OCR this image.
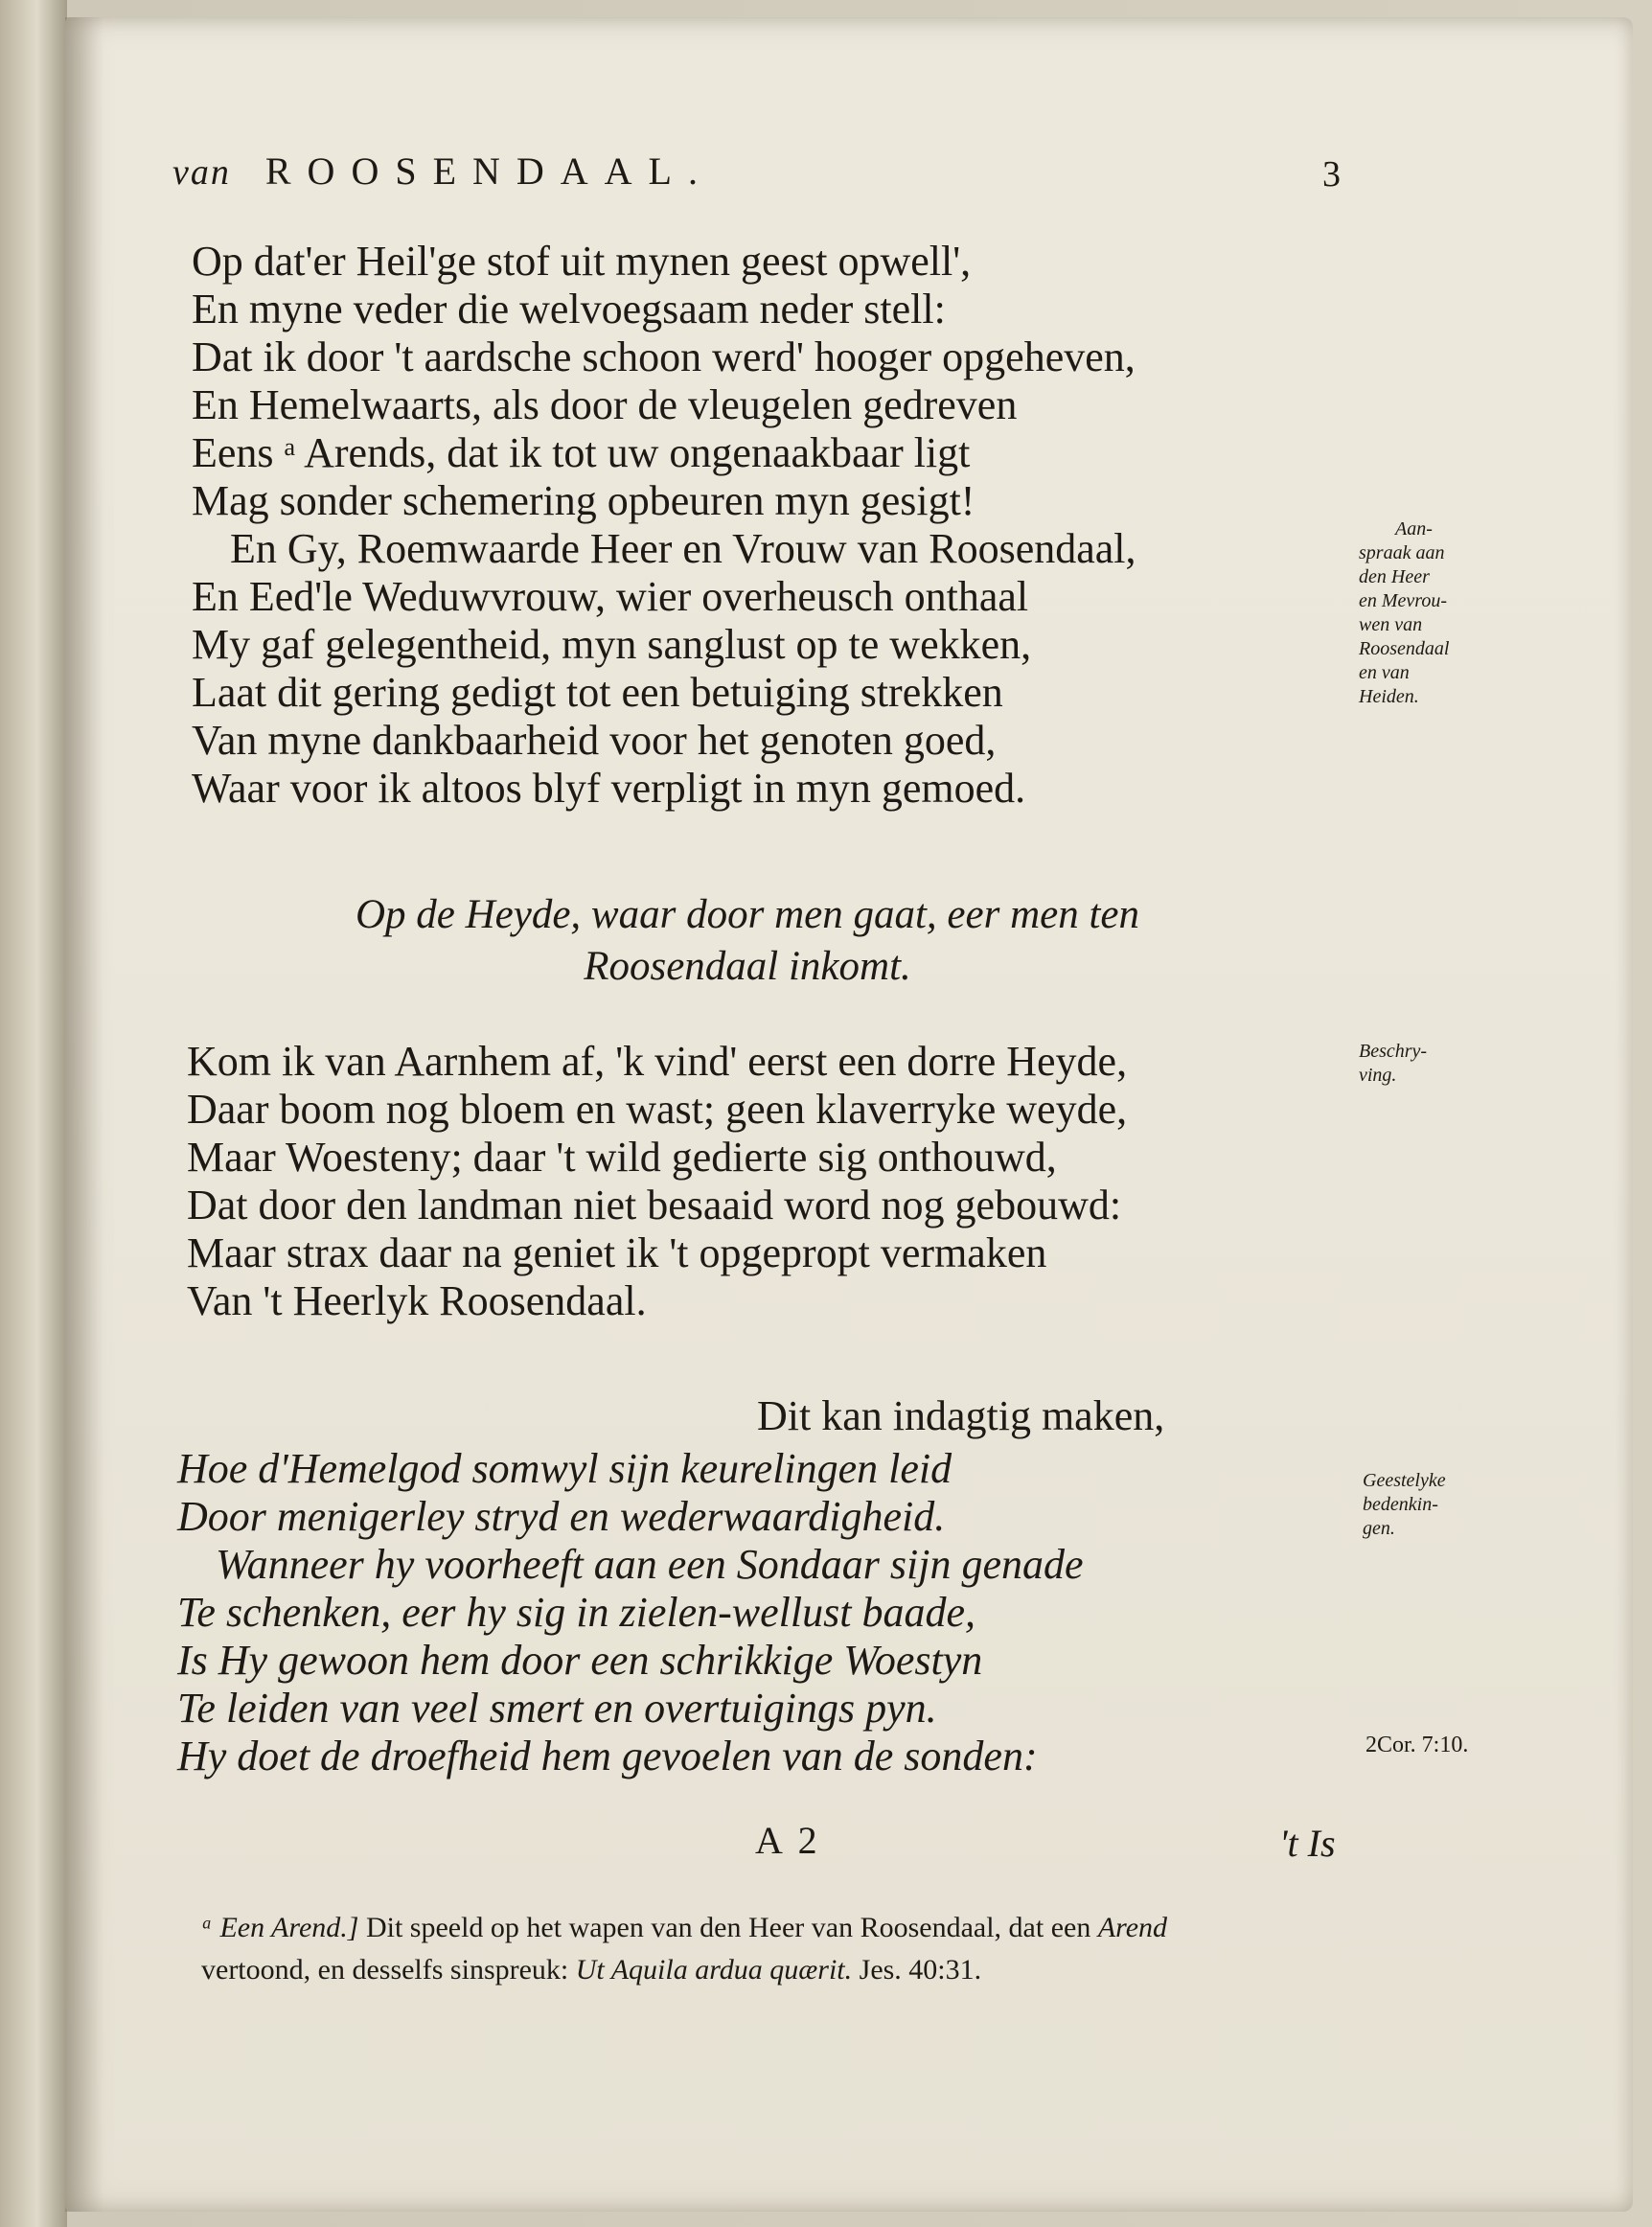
van ROOSENDAAL.	3
Op dat'er Heil'ge stof uit mynen geest opwell',
En myne veder die welvoegsaam neder stell:
Dat ik door 't aardsche schoon werd' hooger opgeheven,
En Hemelwaarts, als door de vleugelen gedreven
Eens ᵃ Arends, dat ik tot uw ongenaakbaar ligt
Mag sonder schemering opbeuren myn gesigt!
En Gy, Roemwaarde Heer en Vrouw van Roosendaal,
En Eed'le Weduwvrouw, wier overheusch onthaal
My gaf gelegentheid, myn sanglust op te wekken,
Laat dit gering gedigt tot een betuiging strekken
Van myne dankbaarheid voor het genoten goed,
Waar voor ik altoos blyf verpligt in myn gemoed.
Aan-
spraak aan
den Heer
en Mevrou-
wen van
Roosendaal
en van
Heiden.
Op de Heyde, waar door men gaat, eer men ten
Roosendaal inkomt.
Kom ik van Aarnhem af, 'k vind' eerst een dorre Heyde,
Daar boom nog bloem en wast; geen klaverryke weyde,
Maar Woesteny; daar 't wild gedierte sig onthouwd,
Dat door den landman niet besaaid word nog gebouwd:
Maar strax daar na geniet ik 't opgepropt vermaken
Van 't Heerlyk Roosendaal.
Beschry-
ving.
Dit kan indagtig maken,
Hoe d'Hemelgod somwyl sijn keurelingen leid
Door menigerley stryd en wederwaardigheid.
Wanneer hy voorheeft aan een Sondaar sijn genade
Te schenken, eer hy sig in zielen-wellust baade,
Is Hy gewoon hem door een schrikkige Woestyn
Te leiden van veel smert en overtuigings pyn.
Hy doet de droefheid hem gevoelen van de sonden:
Geestelyke
bedenkin-
gen.
2Cor. 7:10.
A 2	't Is
ᵃ Een Arend.] Dit speeld op het wapen van den Heer van Roosendaal, dat een Arend
vertoond, en desselfs sinspreuk: Ut Aquila ardua quærit. Jes. 40:31.
